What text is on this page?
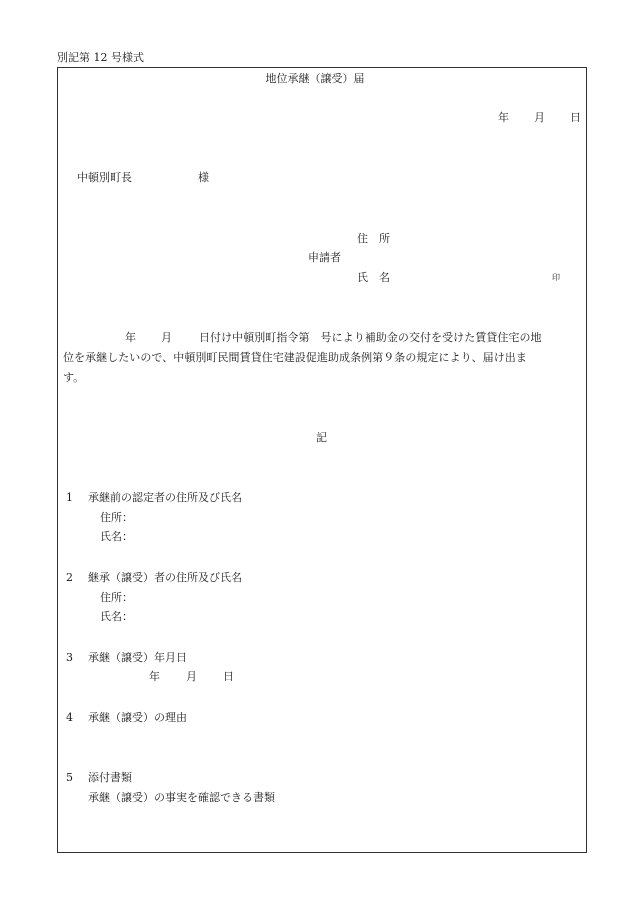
別記第 12 号様式
地位承継（譲受）届
年 月 日
中頓別町長	様
住　所
申請者
氏　名	印
年 月 日付け中頓別町指令第　号により補助金の交付を受けた賃貸住宅の地
位を承継したいので、中頓別町民間賃貸住宅建設促進助成条例第９条の規定により、届け出ま
す。
記
1 承継前の認定者の住所及び氏名
住所：
氏名：
2 継承（譲受）者の住所及び氏名
住所：
氏名：
3 承継（譲受）年月日
年 月 日
4 承継（譲受）の理由
5 添付書類
承継（譲受）の事実を確認できる書類
